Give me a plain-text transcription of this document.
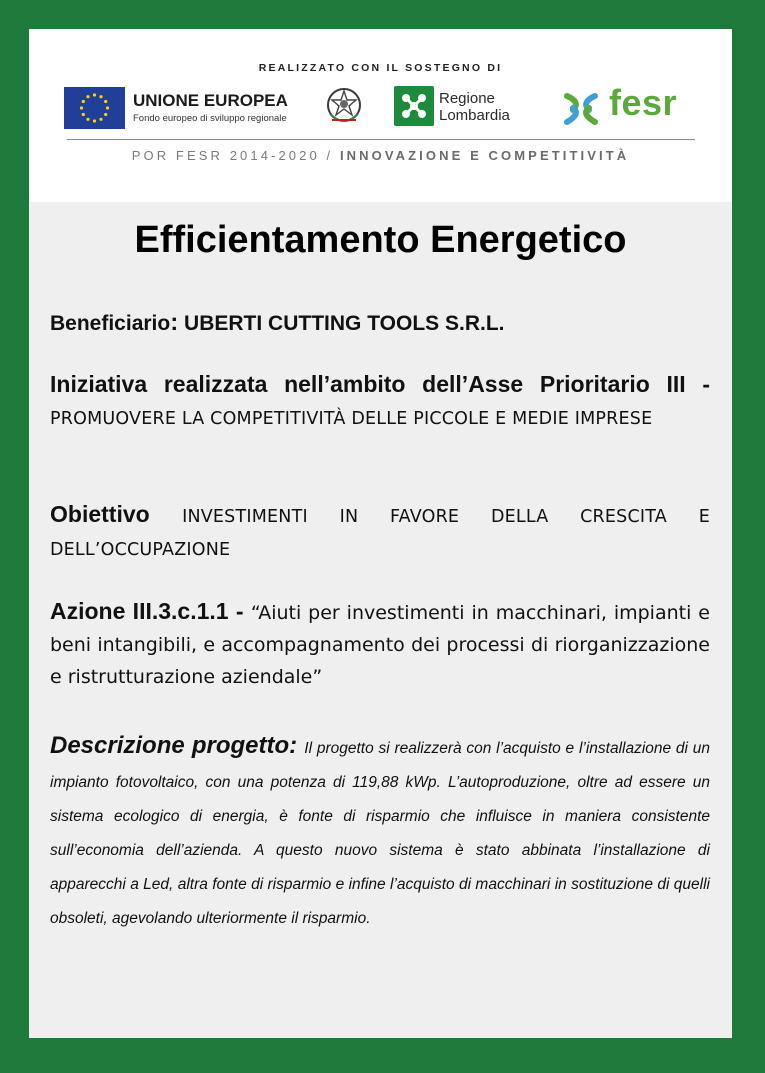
REALIZZATO CON IL SOSTEGNO DI
UNIONE EUROPEA
Fondo europeo di sviluppo regionale
Regione
Lombardia	fesr
POR FESR 2014-2020 / INNOVAZIONE E COMPETITIVITÀ
Efficientamento Energetico
Beneficiario: UBERTI CUTTING TOOLS S.R.L.
Iniziativa realizzata nell’ambito dell’Asse Prioritario III - PROMUOVERE LA COMPETITIVITÀ DELLE PICCOLE E MEDIE IMPRESE
Obiettivo INVESTIMENTI IN FAVORE DELLA CRESCITA E DELL’OCCUPAZIONE
Azione III.3.c.1.1 - “Aiuti per investimenti in macchinari, impianti e beni intangibili, e accompagnamento dei processi di riorganizzazione e ristrutturazione aziendale”
Descrizione progetto: Il progetto si realizzerà con l’acquisto e l’installazione di un impianto fotovoltaico, con una potenza di 119,88 kWp. L’autoproduzione, oltre ad essere un sistema ecologico di energia, è fonte di risparmio che influisce in maniera consistente sull’economia dell’azienda. A questo nuovo sistema è stato abbinata l’installazione di apparecchi a Led, altra fonte di risparmio e infine l’acquisto di macchinari in sostituzione di quelli obsoleti, agevolando ulteriormente il risparmio.
